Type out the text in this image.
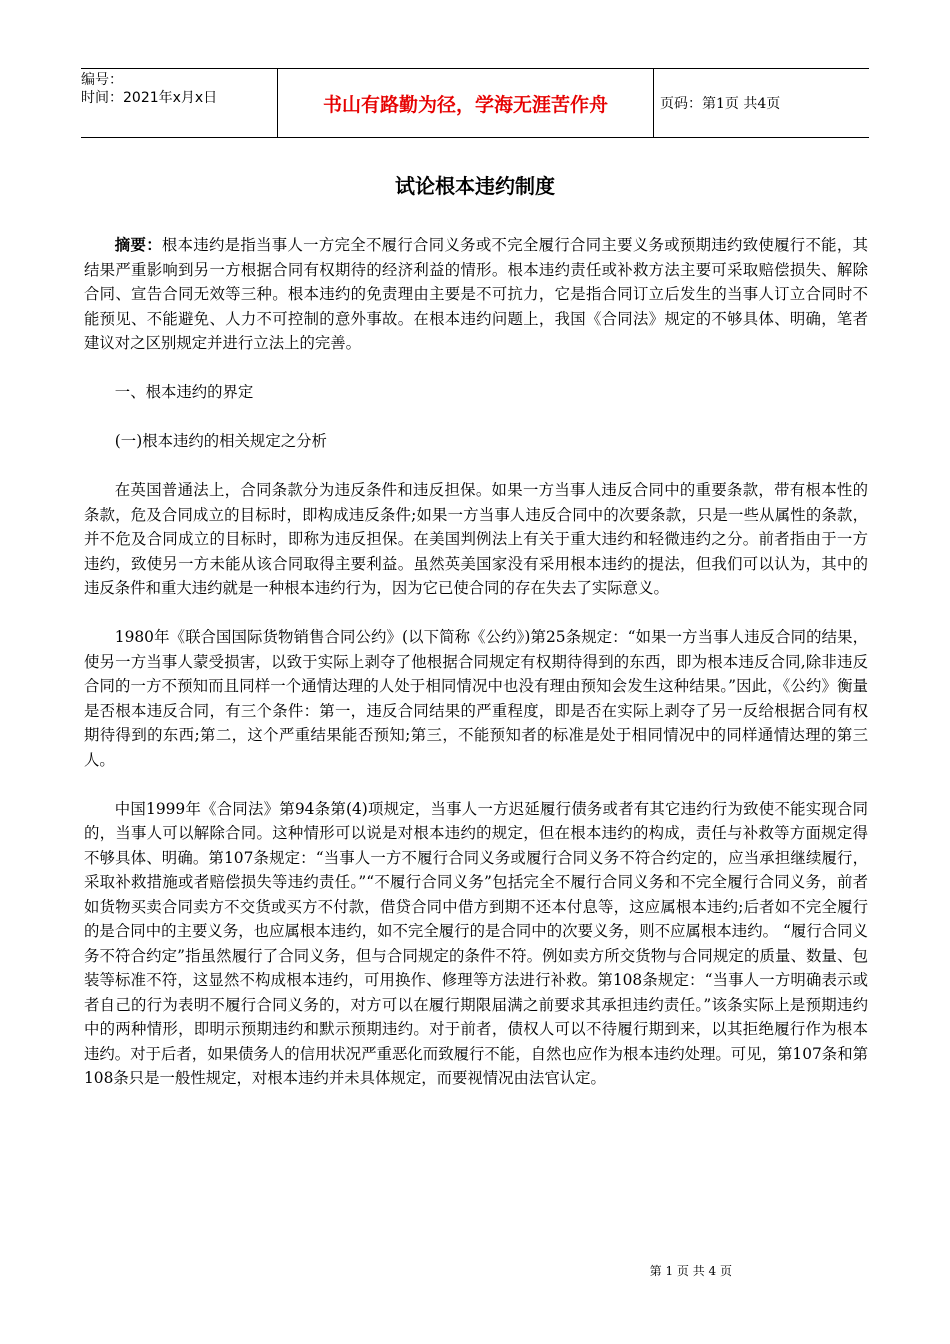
编号：
时间：2021年x月x日	书山有路勤为径，学海无涯苦作舟	页码：第1页 共4页
试论根本违约制度

摘要：根本违约是指当事人一方完全不履行合同义务或不完全履行合同主要义务或预期违约致使履行不能，其结果严重影响到另一方根据合同有权期待的经济利益的情形。根本违约责任或补救方法主要可采取赔偿损失、解除合同、宣告合同无效等三种。根本违约的免责理由主要是不可抗力，它是指合同订立后发生的当事人订立合同时不能预见、不能避免、人力不可控制的意外事故。在根本违约问题上，我国《合同法》规定的不够具体、明确，笔者建议对之区别规定并进行立法上的完善。

一、根本违约的界定

(一)根本违约的相关规定之分析

在英国普通法上，合同条款分为违反条件和违反担保。如果一方当事人违反合同中的重要条款，带有根本性的条款，危及合同成立的目标时，即构成违反条件;如果一方当事人违反合同中的次要条款，只是一些从属性的条款，并不危及合同成立的目标时，即称为违反担保。在美国判例法上有关于重大违约和轻微违约之分。前者指由于一方违约，致使另一方未能从该合同取得主要利益。虽然英美国家没有采用根本违约的提法，但我们可以认为，其中的违反条件和重大违约就是一种根本违约行为，因为它已使合同的存在失去了实际意义。

1980年《联合国国际货物销售合同公约》(以下简称《公约》)第25条规定：“如果一方当事人违反合同的结果，使另一方当事人蒙受损害，以致于实际上剥夺了他根据合同规定有权期待得到的东西，即为根本违反合同,除非违反合同的一方不预知而且同样一个通情达理的人处于相同情况中也没有理由预知会发生这种结果。”因此，《公约》衡量是否根本违反合同，有三个条件：第一，违反合同结果的严重程度，即是否在实际上剥夺了另一反给根据合同有权期待得到的东西;第二，这个严重结果能否预知;第三，不能预知者的标准是处于相同情况中的同样通情达理的第三人。

中国1999年《合同法》第94条第(4)项规定，当事人一方迟延履行债务或者有其它违约行为致使不能实现合同的，当事人可以解除合同。这种情形可以说是对根本违约的规定，但在根本违约的构成，责任与补救等方面规定得不够具体、明确。第107条规定：“当事人一方不履行合同义务或履行合同义务不符合约定的，应当承担继续履行，采取补救措施或者赔偿损失等违约责任。”“不履行合同义务”包括完全不履行合同义务和不完全履行合同义务，前者如货物买卖合同卖方不交货或买方不付款，借贷合同中借方到期不还本付息等，这应属根本违约;后者如不完全履行的是合同中的主要义务，也应属根本违约，如不完全履行的是合同中的次要义务，则不应属根本违约。 “履行合同义务不符合约定”指虽然履行了合同义务，但与合同规定的条件不符。例如卖方所交货物与合同规定的质量、数量、包装等标准不符，这显然不构成根本违约，可用换作、修理等方法进行补救。第108条规定：“当事人一方明确表示或者自己的行为表明不履行合同义务的，对方可以在履行期限届满之前要求其承担违约责任。”该条实际上是预期违约中的两种情形，即明示预期违约和默示预期违约。对于前者，债权人可以不待履行期到来，以其拒绝履行作为根本违约。对于后者，如果债务人的信用状况严重恶化而致履行不能，自然也应作为根本违约处理。可见，第107条和第108条只是一般性规定，对根本违约并未具体规定，而要视情况由法官认定。

第 1 页 共 4 页
